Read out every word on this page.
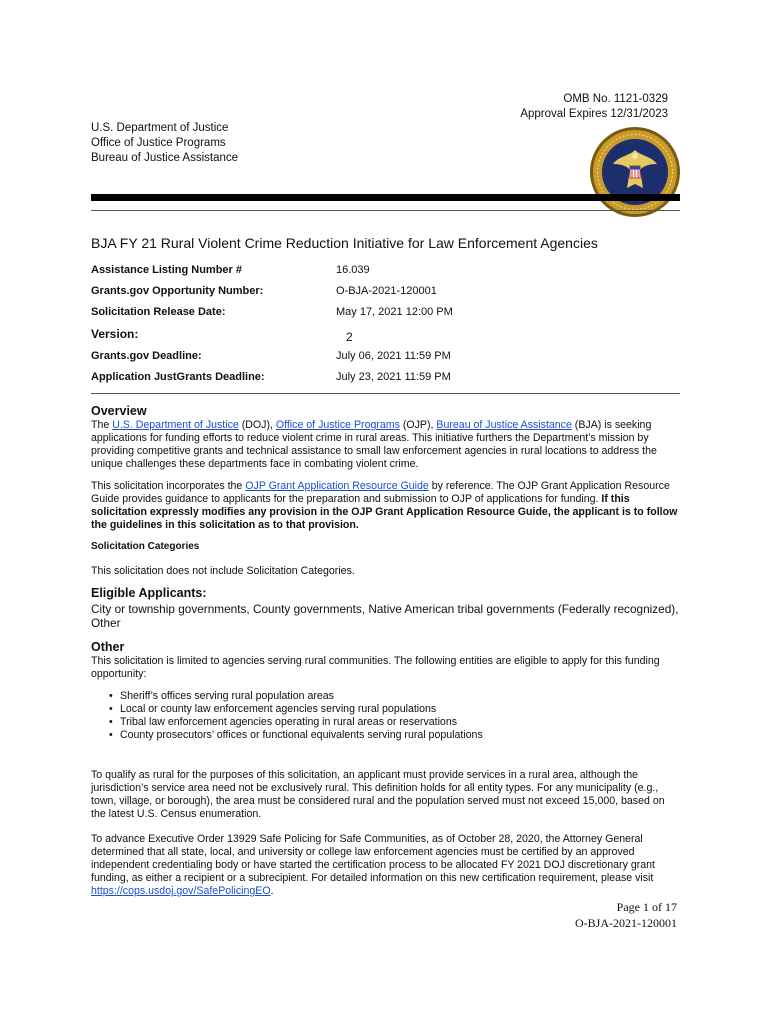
OMB No. 1121-0329
Approval Expires 12/31/2023
U.S. Department of Justice
Office of Justice Programs
Bureau of Justice Assistance
BJA FY 21 Rural Violent Crime Reduction Initiative for Law Enforcement Agencies
Assistance Listing Number #	16.039
Grants.gov Opportunity Number:	O-BJA-2021-120001
Solicitation Release Date:	May 17, 2021 12:00 PM
Version:	2
Grants.gov Deadline:	July 06, 2021 11:59 PM
Application JustGrants Deadline:	July 23, 2021 11:59 PM
Overview
The U.S. Department of Justice (DOJ), Office of Justice Programs (OJP), Bureau of Justice Assistance (BJA) is seeking applications for funding efforts to reduce violent crime in rural areas. This initiative furthers the Department’s mission by providing competitive grants and technical assistance to small law enforcement agencies in rural locations to address the unique challenges these departments face in combating violent crime.
This solicitation incorporates the OJP Grant Application Resource Guide by reference. The OJP Grant Application Resource Guide provides guidance to applicants for the preparation and submission to OJP of applications for funding. If this solicitation expressly modifies any provision in the OJP Grant Application Resource Guide, the applicant is to follow the guidelines in this solicitation as to that provision.
Solicitation Categories
This solicitation does not include Solicitation Categories.
Eligible Applicants:
City or township governments, County governments, Native American tribal governments (Federally recognized), Other
Other
This solicitation is limited to agencies serving rural communities. The following entities are eligible to apply for this funding opportunity:
• Sheriff’s offices serving rural population areas
• Local or county law enforcement agencies serving rural populations
• Tribal law enforcement agencies operating in rural areas or reservations
• County prosecutors’ offices or functional equivalents serving rural populations
To qualify as rural for the purposes of this solicitation, an applicant must provide services in a rural area, although the jurisdiction’s service area need not be exclusively rural. This definition holds for all entity types. For any municipality (e.g., town, village, or borough), the area must be considered rural and the population served must not exceed 15,000, based on the latest U.S. Census enumeration.
To advance Executive Order 13929 Safe Policing for Safe Communities, as of October 28, 2020, the Attorney General determined that all state, local, and university or college law enforcement agencies must be certified by an approved independent credentialing body or have started the certification process to be allocated FY 2021 DOJ discretionary grant funding, as either a recipient or a subrecipient. For detailed information on this new certification requirement, please visit https://cops.usdoj.gov/SafePolicingEO.
Page 1 of 17
O-BJA-2021-120001
